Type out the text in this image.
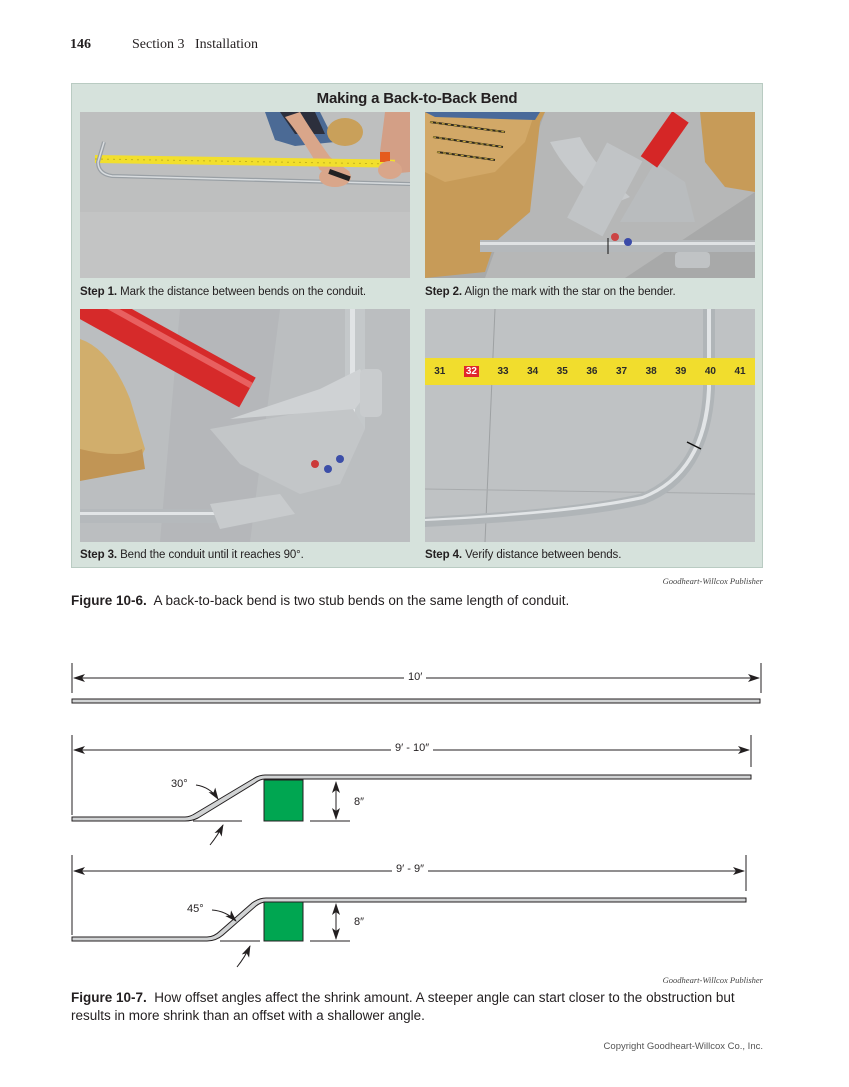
146	Section 3   Installation
Making a Back-to-Back Bend
31 32 33 34 35 36 37 38 39 40 41
Step 1. Mark the distance between bends on the conduit.	Step 2. Align the mark with the star on the bender.
Step 3. Bend the conduit until it reaches 90°.	Step 4. Verify distance between bends.
Goodheart-Willcox Publisher
Figure 10-6.  A back-to-back bend is two stub bends on the same length of conduit.
10′
9′ - 10″
30°
8″
9′ - 9″
45°
8″
Goodheart-Willcox Publisher
Figure 10-7.  How offset angles affect the shrink amount. A steeper angle can start closer to the obstruction but results in more shrink than an offset with a shallower angle.
Copyright Goodheart-Willcox Co., Inc.
